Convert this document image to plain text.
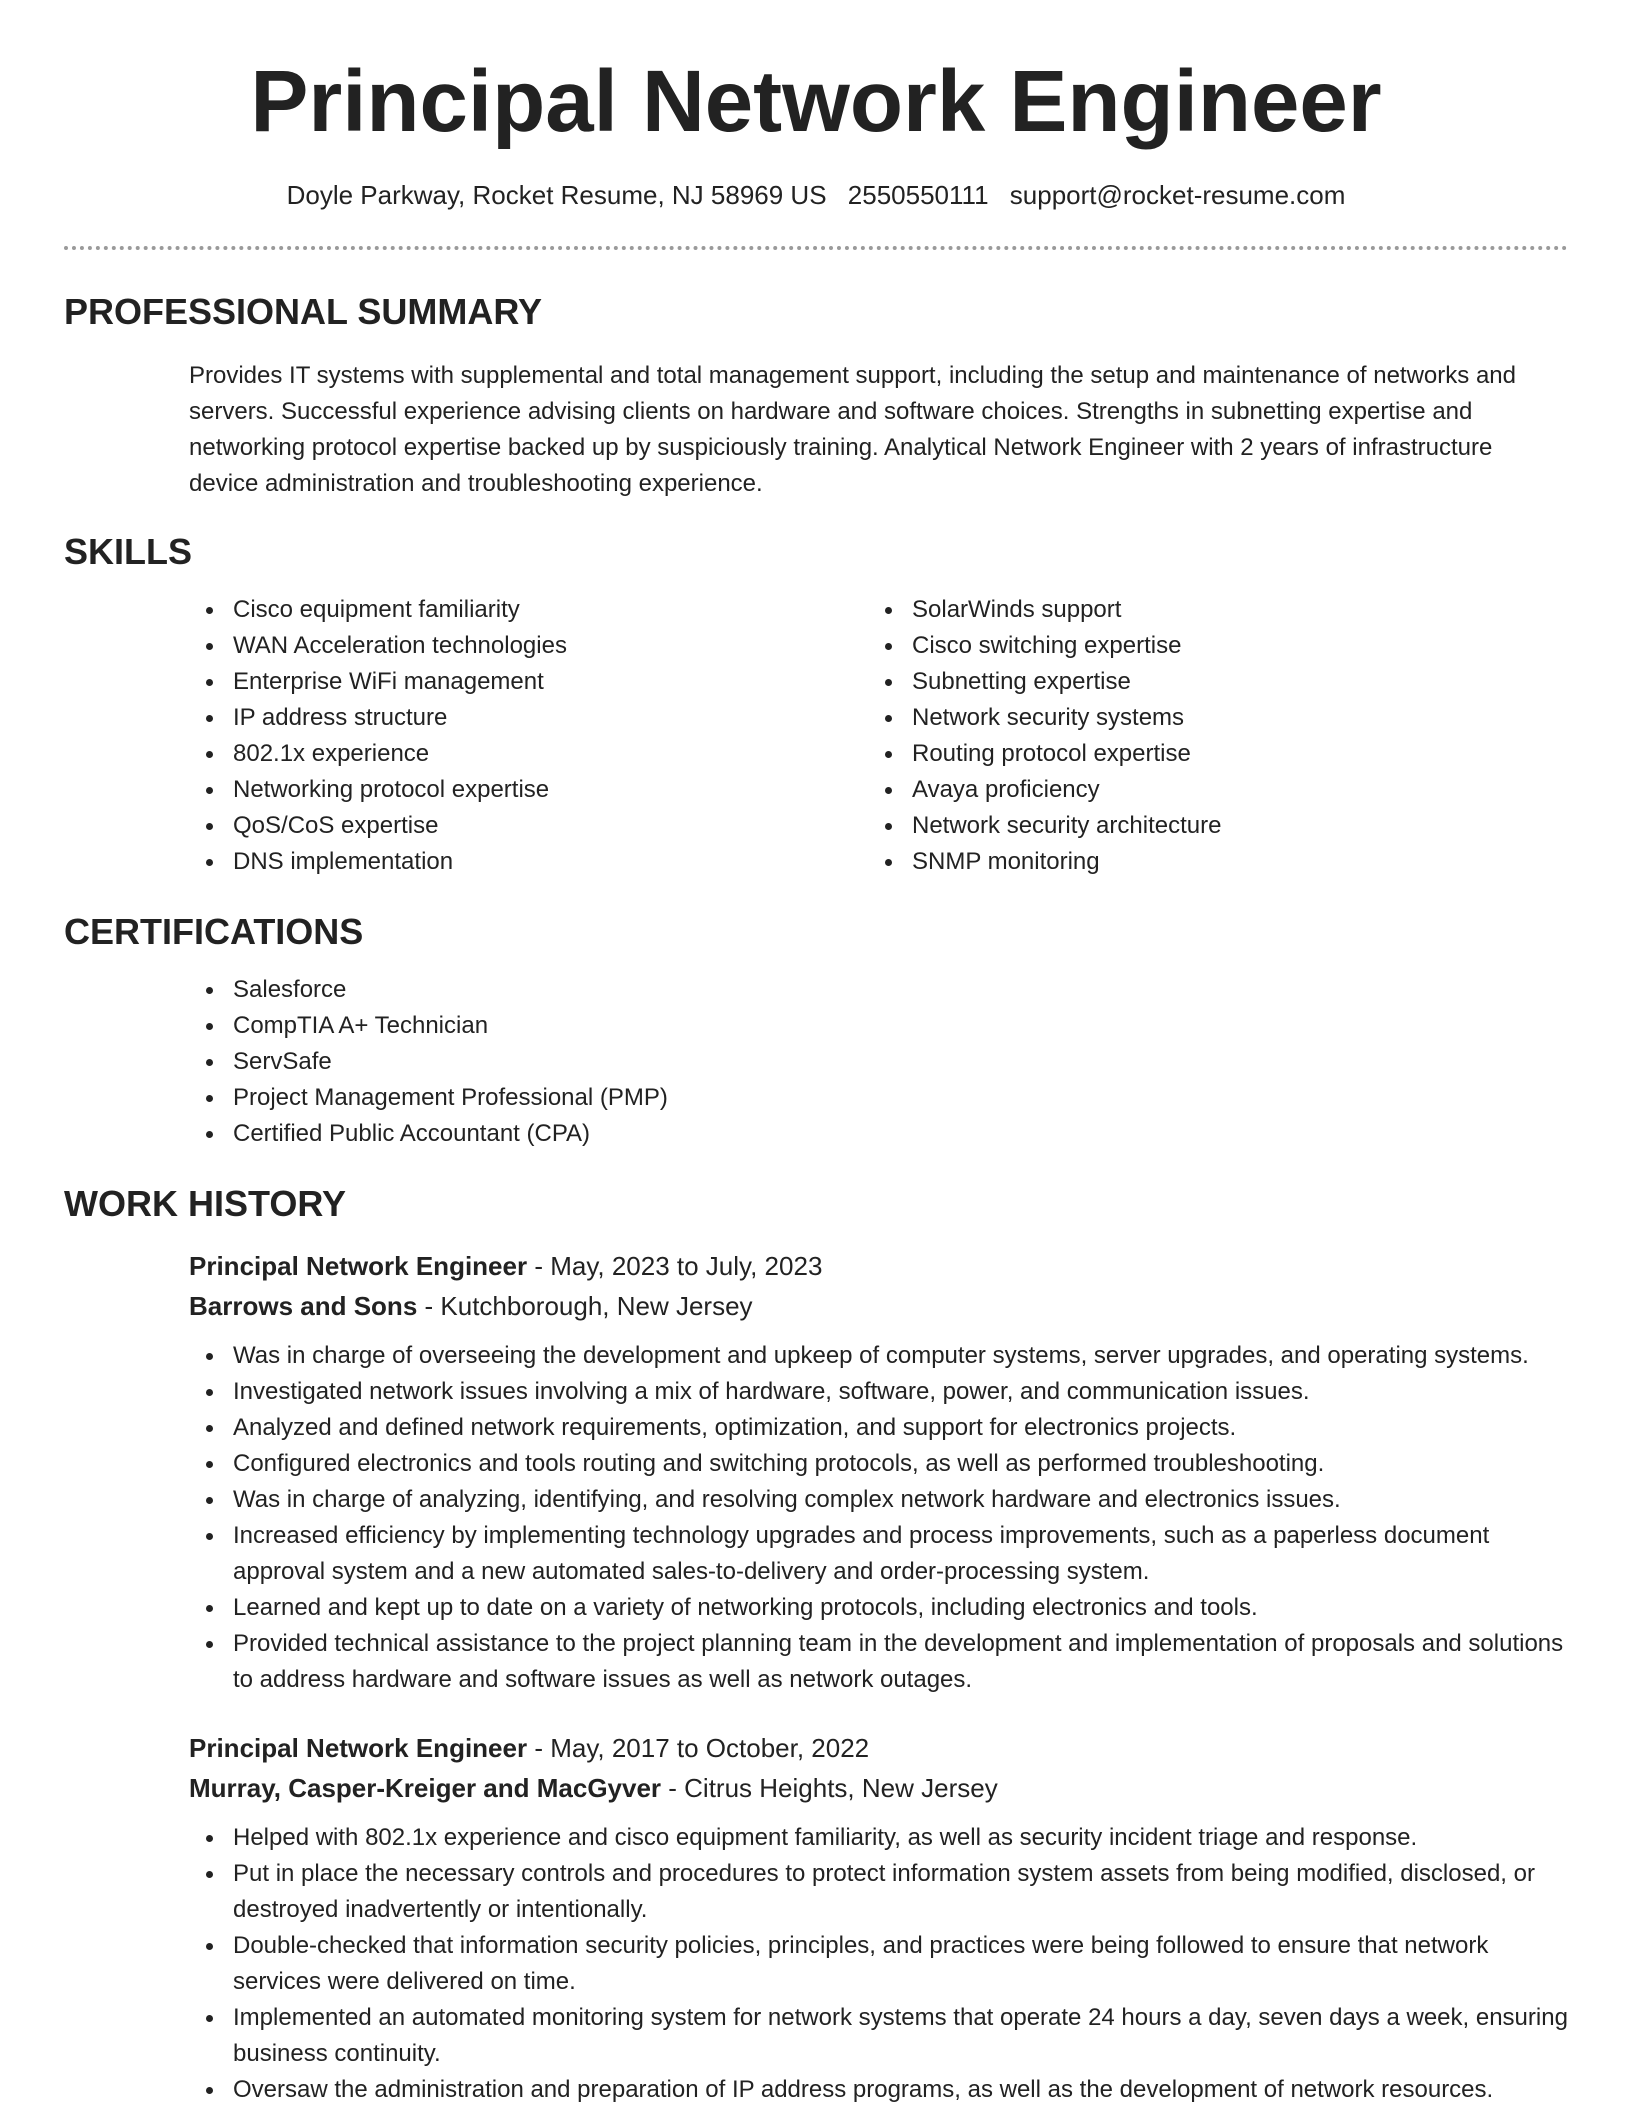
Principal Network Engineer
Doyle Parkway, Rocket Resume, NJ 58969 US 2550550111 support@rocket-resume.com
PROFESSIONAL SUMMARY

Provides IT systems with supplemental and total management support, including the setup and maintenance of networks and servers. Successful experience advising clients on hardware and software choices. Strengths in subnetting expertise and networking protocol expertise backed up by suspiciously training. Analytical Network Engineer with 2 years of infrastructure device administration and troubleshooting experience.

SKILLS
Cisco equipment familiarity
WAN Acceleration technologies
Enterprise WiFi management
IP address structure
802.1x experience
Networking protocol expertise
QoS/CoS expertise
DNS implementation
SolarWinds support
Cisco switching expertise
Subnetting expertise
Network security systems
Routing protocol expertise
Avaya proficiency
Network security architecture
SNMP monitoring
CERTIFICATIONS
Salesforce
CompTIA A+ Technician
ServSafe
Project Management Professional (PMP)
Certified Public Accountant (CPA)
WORK HISTORY
Principal Network Engineer - May, 2023 to July, 2023
Barrows and Sons - Kutchborough, New Jersey
Was in charge of overseeing the development and upkeep of computer systems, server upgrades, and operating systems.
Investigated network issues involving a mix of hardware, software, power, and communication issues.
Analyzed and defined network requirements, optimization, and support for electronics projects.
Configured electronics and tools routing and switching protocols, as well as performed troubleshooting.
Was in charge of analyzing, identifying, and resolving complex network hardware and electronics issues.
Increased efficiency by implementing technology upgrades and process improvements, such as a paperless document approval system and a new automated sales-to-delivery and order-processing system.
Learned and kept up to date on a variety of networking protocols, including electronics and tools.
Provided technical assistance to the project planning team in the development and implementation of proposals and solutions to address hardware and software issues as well as network outages.
Principal Network Engineer - May, 2017 to October, 2022
Murray, Casper-Kreiger and MacGyver - Citrus Heights, New Jersey
Helped with 802.1x experience and cisco equipment familiarity, as well as security incident triage and response.
Put in place the necessary controls and procedures to protect information system assets from being modified, disclosed, or destroyed inadvertently or intentionally.
Double-checked that information security policies, principles, and practices were being followed to ensure that network services were delivered on time.
Implemented an automated monitoring system for network systems that operate 24 hours a day, seven days a week, ensuring business continuity.
Oversaw the administration and preparation of IP address programs, as well as the development of network resources.
